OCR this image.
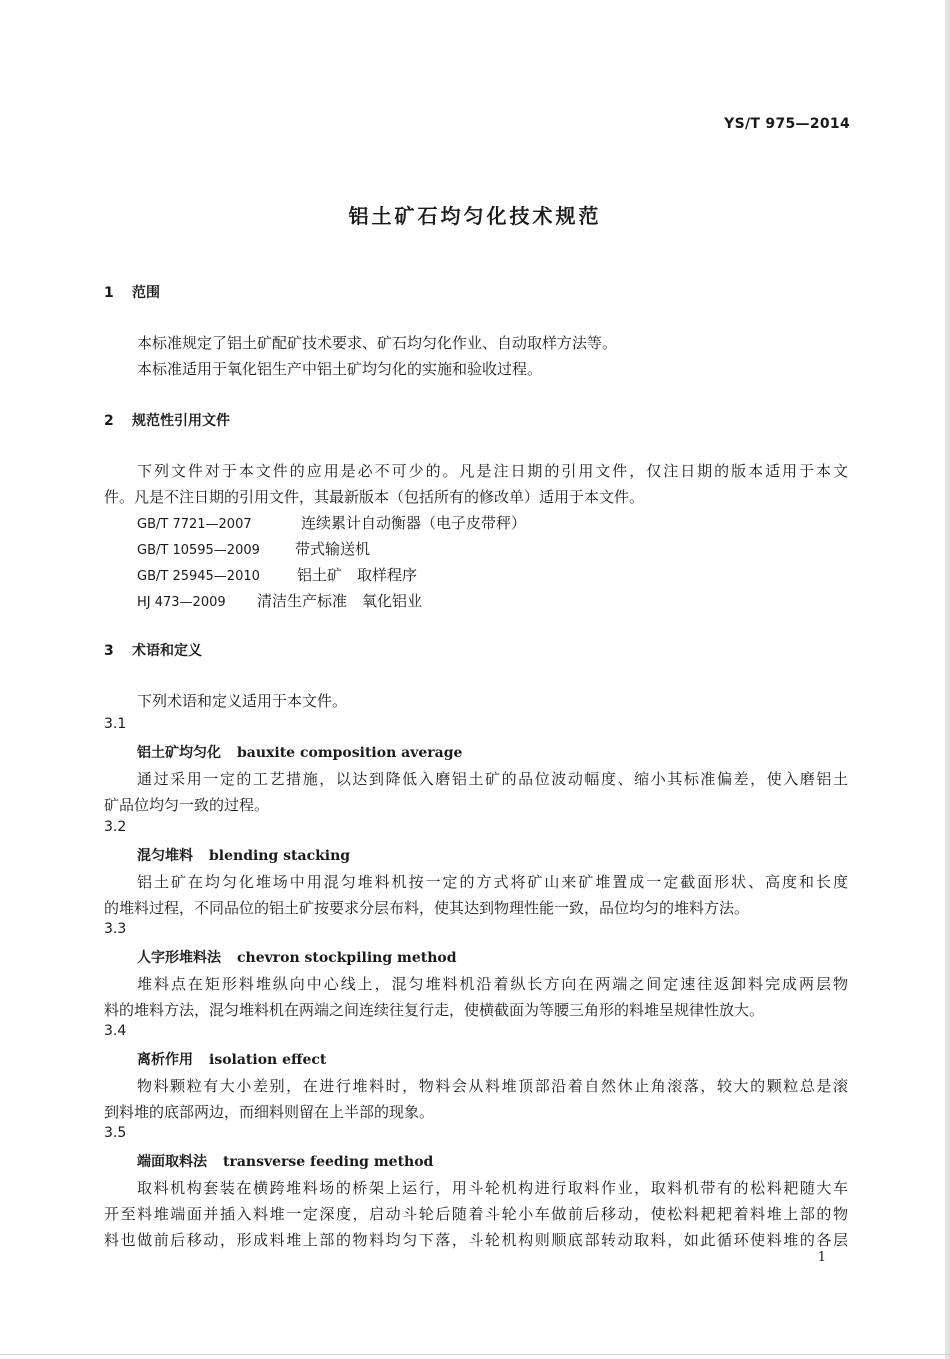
YS/T 975—2014
铝土矿石均匀化技术规范
1 范围
本标准规定了铝土矿配矿技术要求、矿石均匀化作业、自动取样方法等。
本标准适用于氧化铝生产中铝土矿均匀化的实施和验收过程。
2 规范性引用文件
下列文件对于本文件的应用是必不可少的。凡是注日期的引用文件，仅注日期的版本适用于本文
件。凡是不注日期的引用文件，其最新版本（包括所有的修改单）适用于本文件。
GB/T 7721—2007	连续累计自动衡器（电子皮带秤）
GB/T 10595—2009 带式输送机
GB/T 25945—2010 铝土矿　取样程序
HJ 473—2009 清洁生产标准　氧化铝业
3 术语和定义
下列术语和定义适用于本文件。
3.1
铝土矿均匀化 bauxite composition average
通过采用一定的工艺措施，以达到降低入磨铝土矿的品位波动幅度、缩小其标准偏差，使入磨铝土
矿品位均匀一致的过程。
3.2
混匀堆料 blending stacking
铝土矿在均匀化堆场中用混匀堆料机按一定的方式将矿山来矿堆置成一定截面形状、高度和长度
的堆料过程，不同品位的铝土矿按要求分层布料，使其达到物理性能一致，品位均匀的堆料方法。
3.3
人字形堆料法 chevron stockpiling method
堆料点在矩形料堆纵向中心线上，混匀堆料机沿着纵长方向在两端之间定速往返卸料完成两层物
料的堆料方法，混匀堆料机在两端之间连续往复行走，使横截面为等腰三角形的料堆呈规律性放大。
3.4
离析作用 isolation effect
物料颗粒有大小差别，在进行堆料时，物料会从料堆顶部沿着自然休止角滚落，较大的颗粒总是滚
到料堆的底部两边，而细料则留在上半部的现象。
3.5
端面取料法 transverse feeding method
取料机构套装在横跨堆料场的桥架上运行，用斗轮机构进行取料作业，取料机带有的松料耙随大车
开至料堆端面并插入料堆一定深度，启动斗轮后随着斗轮小车做前后移动，使松料耙耙着料堆上部的物
料也做前后移动，形成料堆上部的物料均匀下落，斗轮机构则顺底部转动取料，如此循环使料堆的各层
1
